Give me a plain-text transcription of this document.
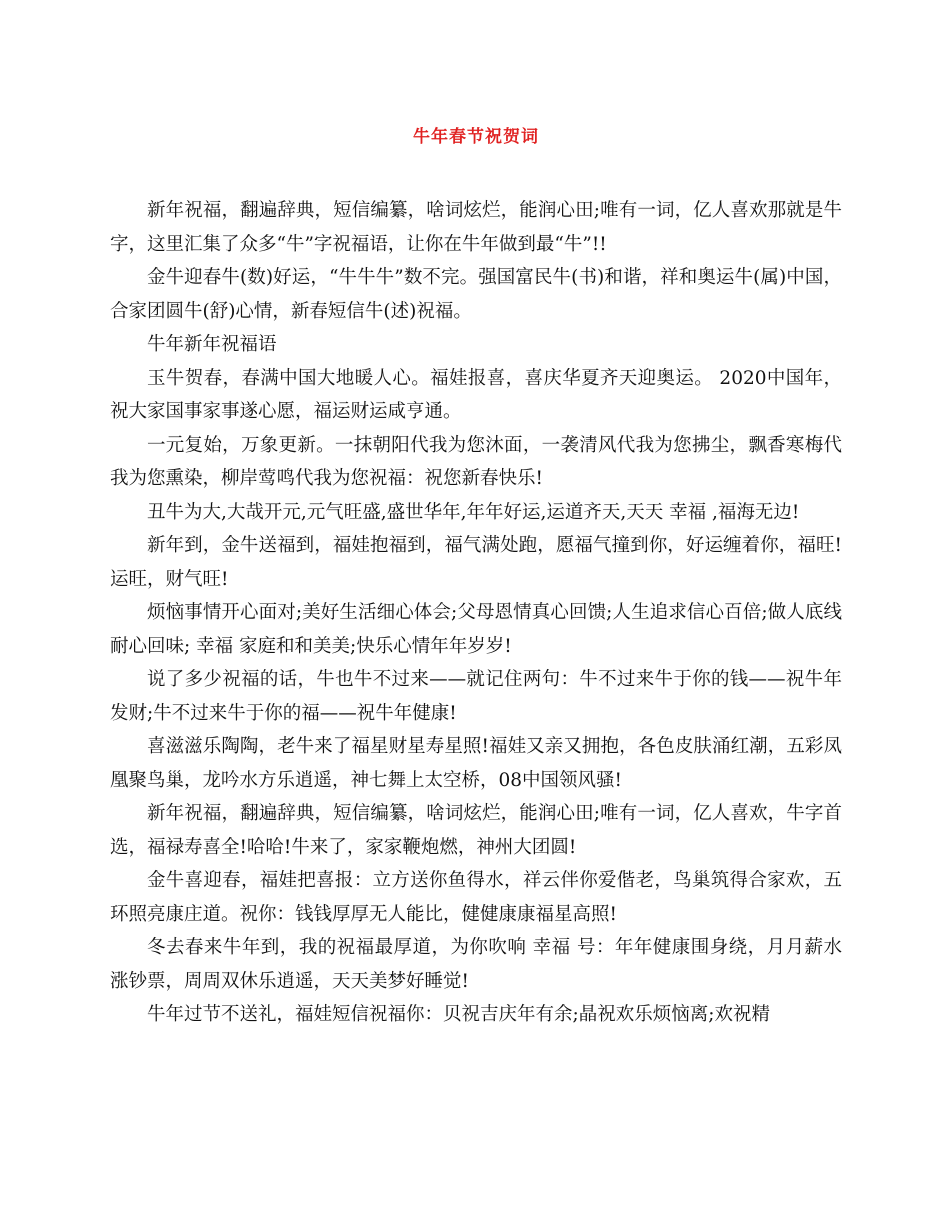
牛年春节祝贺词

新年祝福，翻遍辞典，短信编纂，啥词炫烂，能润心田;唯有一词，亿人喜欢那就是牛字，这里汇集了众多“牛”字祝福语，让你在牛年做到最“牛”!!

金牛迎春牛(数)好运，“牛牛牛”数不完。强国富民牛(书)和谐，祥和奥运牛(属)中国，合家团圆牛(舒)心情，新春短信牛(述)祝福。

牛年新年祝福语

玉牛贺春，春满中国大地暖人心。福娃报喜，喜庆华夏齐天迎奥运。 2020中国年，祝大家国事家事遂心愿，福运财运咸亨通。

一元复始，万象更新。一抹朝阳代我为您沐面，一袭清风代我为您拂尘，飘香寒梅代我为您熏染，柳岸莺鸣代我为您祝福：祝您新春快乐!

丑牛为大,大哉开元,元气旺盛,盛世华年,年年好运,运道齐天,天天 幸福 ,福海无边!

新年到，金牛送福到，福娃抱福到，福气满处跑，愿福气撞到你，好运缠着你，福旺!运旺，财气旺!

烦恼事情开心面对;美好生活细心体会;父母恩情真心回馈;人生追求信心百倍;做人底线耐心回味; 幸福 家庭和和美美;快乐心情年年岁岁!

说了多少祝福的话，牛也牛不过来——就记住两句：牛不过来牛于你的钱——祝牛年发财;牛不过来牛于你的福——祝牛年健康!

喜滋滋乐陶陶，老牛来了福星财星寿星照!福娃又亲又拥抱，各色皮肤涌红潮，五彩凤凰聚鸟巢，龙吟水方乐逍遥，神七舞上太空桥，08中国领风骚!

新年祝福，翻遍辞典，短信编纂，啥词炫烂，能润心田;唯有一词，亿人喜欢，牛字首选，福禄寿喜全!哈哈!牛来了，家家鞭炮燃，神州大团圆!

金牛喜迎春，福娃把喜报：立方送你鱼得水，祥云伴你爱偕老，鸟巢筑得合家欢，五环照亮康庄道。祝你：钱钱厚厚无人能比，健健康康福星高照!

冬去春来牛年到，我的祝福最厚道，为你吹响 幸福 号：年年健康围身绕，月月薪水涨钞票，周周双休乐逍遥，天天美梦好睡觉!

牛年过节不送礼，福娃短信祝福你：贝祝吉庆年有余;晶祝欢乐烦恼离;欢祝精
